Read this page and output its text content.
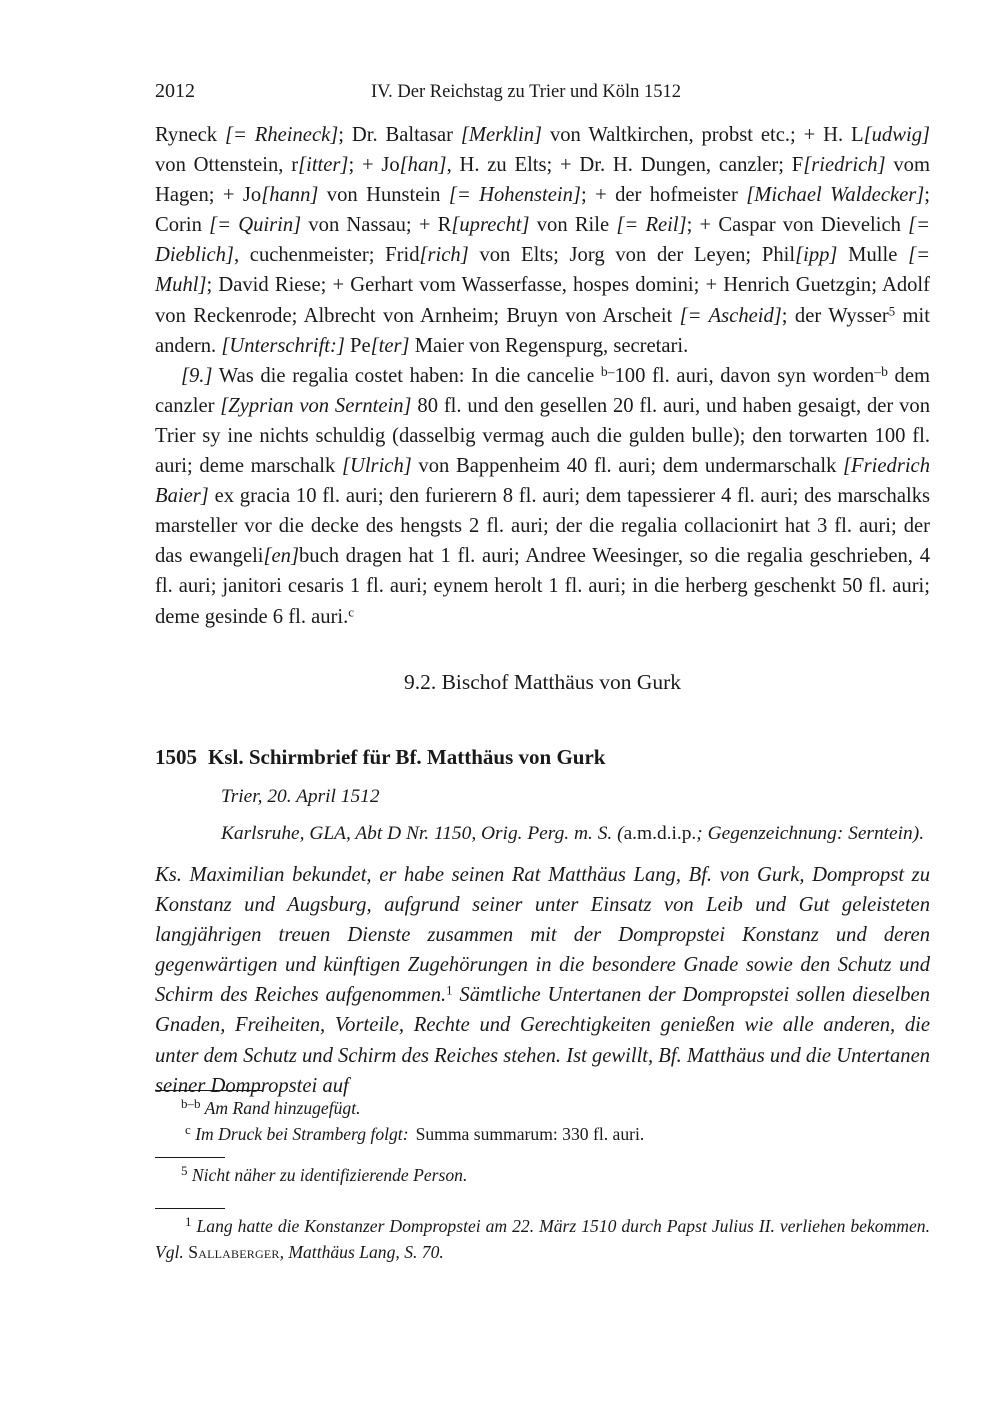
2012	IV. Der Reichstag zu Trier und Köln 1512

Ryneck [= Rheineck]; Dr. Baltasar [Merklin] von Waltkirchen, probst etc.; + H. L[udwig] von Ottenstein, r[itter]; + Jo[han], H. zu Elts; + Dr. H. Dungen, canzler; F[riedrich] vom Hagen; + Jo[hann] von Hunstein [= Hohenstein]; + der hofmeister [Michael Waldecker]; Corin [= Quirin] von Nassau; + R[uprecht] von Rile [= Reil]; + Caspar von Dievelich [= Dieblich], cuchenmeister; Frid[rich] von Elts; Jorg von der Leyen; Phil[ipp] Mulle [= Muhl]; David Riese; + Gerhart vom Wasserfasse, hospes domini; + Henrich Guetzgin; Adolf von Reckenrode; Albrecht von Arnheim; Bruyn von Arscheit [= Ascheid]; der Wysser$^5$ mit andern. [Unterschrift:] Pe[ter] Maier von Regenspurg, secretari.

[9.] Was die regalia costet haben: In die cancelie $^{b-}$100 fl. auri, davon syn worden$^{-b}$ dem canzler [Zyprian von Serntein] 80 fl. und den gesellen 20 fl. auri, und haben gesaigt, der von Trier sy ine nichts schuldig (dasselbig vermag auch die gulden bulle); den torwarten 100 fl. auri; deme marschalk [Ulrich] von Bappenheim 40 fl. auri; dem undermarschalk [Friedrich Baier] ex gracia 10 fl. auri; den furierern 8 fl. auri; dem tapessierer 4 fl. auri; des marschalks marsteller vor die decke des hengsts 2 fl. auri; der die regalia collacionirt hat 3 fl. auri; der das ewangeli[en]buch dragen hat 1 fl. auri; Andree Weesinger, so die regalia geschrieben, 4 fl. auri; janitori cesaris 1 fl. auri; eynem herolt 1 fl. auri; in die herberg geschenkt 50 fl. auri; deme gesinde 6 fl. auri.$^c$

9.2. Bischof Matthäus von Gurk

1505 Ksl. Schirmbrief für Bf. Matthäus von Gurk

Trier, 20. April 1512

Karlsruhe, GLA, Abt D Nr. 1150, Orig. Perg. m. S. (a.m.d.i.p.; Gegenzeichnung: Serntein).

Ks. Maximilian bekundet, er habe seinen Rat Matthäus Lang, Bf. von Gurk, Dompropst zu Konstanz und Augsburg, aufgrund seiner unter Einsatz von Leib und Gut geleisteten langjährigen treuen Dienste zusammen mit der Dompropstei Konstanz und deren gegenwärtigen und künftigen Zugehörungen in die besondere Gnade sowie den Schutz und Schirm des Reiches aufgenommen.$^1$ Sämtliche Untertanen der Dompropstei sollen dieselben Gnaden, Freiheiten, Vorteile, Rechte und Gerechtigkeiten genießen wie alle anderen, die unter dem Schutz und Schirm des Reiches stehen. Ist gewillt, Bf. Matthäus und die Untertanen seiner Dompropstei auf

$^{b-b}$ Am Rand hinzugefügt.

$^c$ Im Druck bei Stramberg folgt: Summa summarum: 330 fl. auri.

$^5$ Nicht näher zu identifizierende Person.

$^1$ Lang hatte die Konstanzer Dompropstei am 22. März 1510 durch Papst Julius II. verliehen bekommen. Vgl. Sallaberger, Matthäus Lang, S. 70.
